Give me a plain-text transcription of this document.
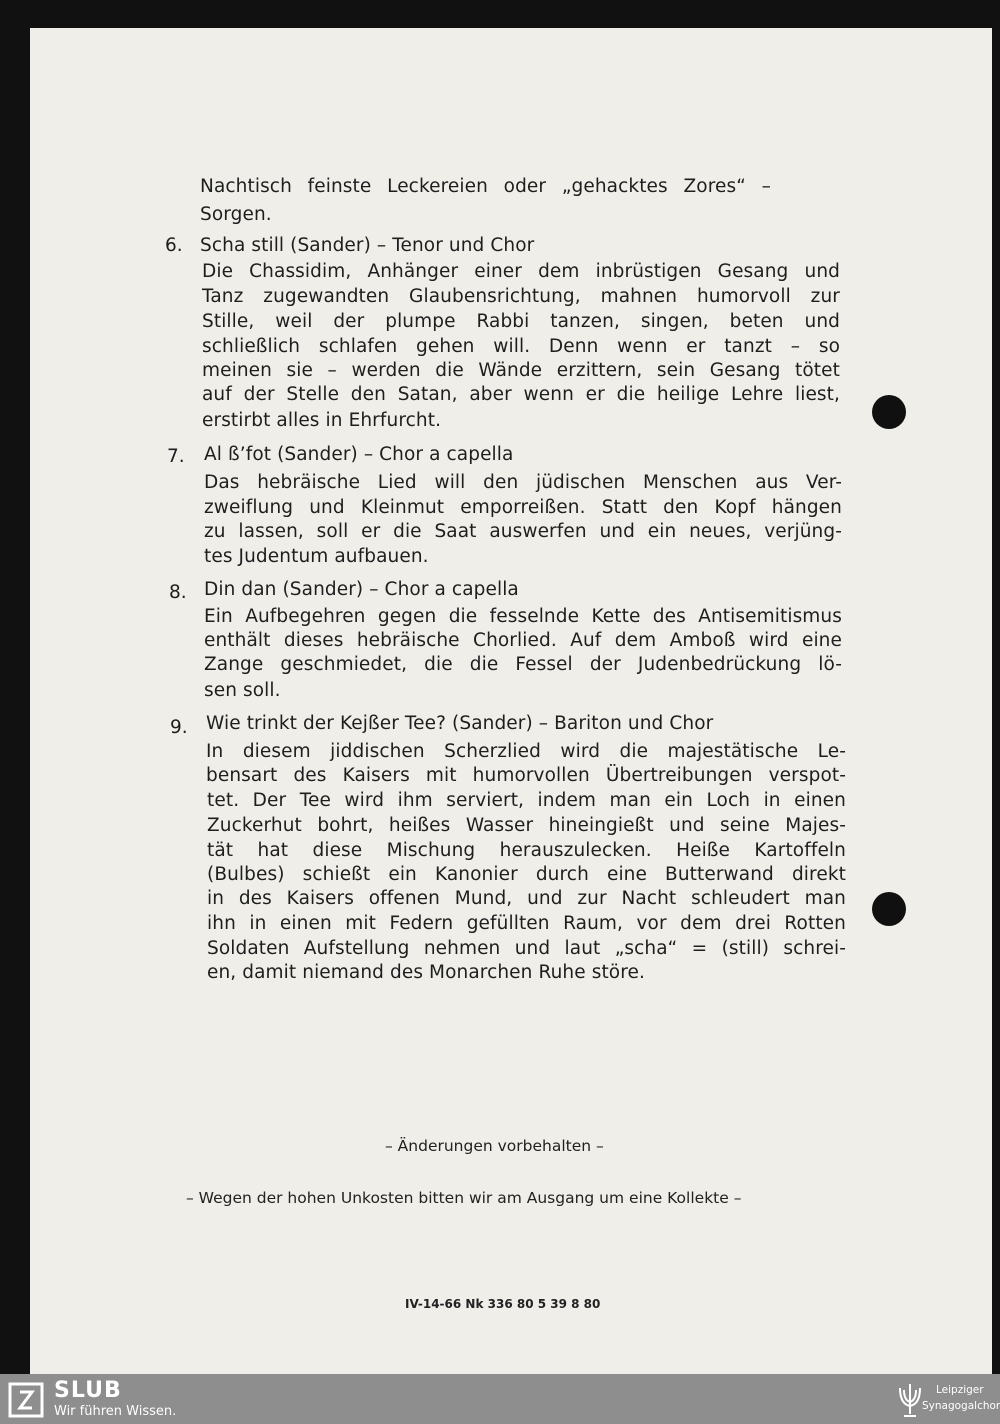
Nachtisch feinste Leckereien oder „gehacktes Zores“ –
Sorgen.
6. Scha still (Sander) – Tenor und Chor
Die Chassidim, Anhänger einer dem inbrüstigen Gesang und
Tanz zugewandten Glaubensrichtung, mahnen humorvoll zur
Stille, weil der plumpe Rabbi tanzen, singen, beten und
schließlich schlafen gehen will. Denn wenn er tanzt – so
meinen sie – werden die Wände erzittern, sein Gesang tötet
auf der Stelle den Satan, aber wenn er die heilige Lehre liest,
erstirbt alles in Ehrfurcht.
7. Al ß’fot (Sander) – Chor a capella
Das hebräische Lied will den jüdischen Menschen aus Ver-
zweiflung und Kleinmut emporreißen. Statt den Kopf hängen
zu lassen, soll er die Saat auswerfen und ein neues, verjüng-
tes Judentum aufbauen.
8. Din dan (Sander) – Chor a capella
Ein Aufbegehren gegen die fesselnde Kette des Antisemitismus
enthält dieses hebräische Chorlied. Auf dem Amboß wird eine
Zange geschmiedet, die die Fessel der Judenbedrückung lö-
sen soll.
9. Wie trinkt der Kejßer Tee? (Sander) – Bariton und Chor
In diesem jiddischen Scherzlied wird die majestätische Le-
bensart des Kaisers mit humorvollen Übertreibungen verspot-
tet. Der Tee wird ihm serviert, indem man ein Loch in einen
Zuckerhut bohrt, heißes Wasser hineingießt und seine Majes-
tät hat diese Mischung herauszulecken. Heiße Kartoffeln
(Bulbes) schießt ein Kanonier durch eine Butterwand direkt
in des Kaisers offenen Mund, und zur Nacht schleudert man
ihn in einen mit Federn gefüllten Raum, vor dem drei Rotten
Soldaten Aufstellung nehmen und laut „scha“ = (still) schrei-
en, damit niemand des Monarchen Ruhe störe.
– Änderungen vorbehalten –
– Wegen der hohen Unkosten bitten wir am Ausgang um eine Kollekte –
IV-14-66 Nk 336 80 5 39 8 80
SLUB
Wir führen Wissen.
Leipziger
Synagogalchor
